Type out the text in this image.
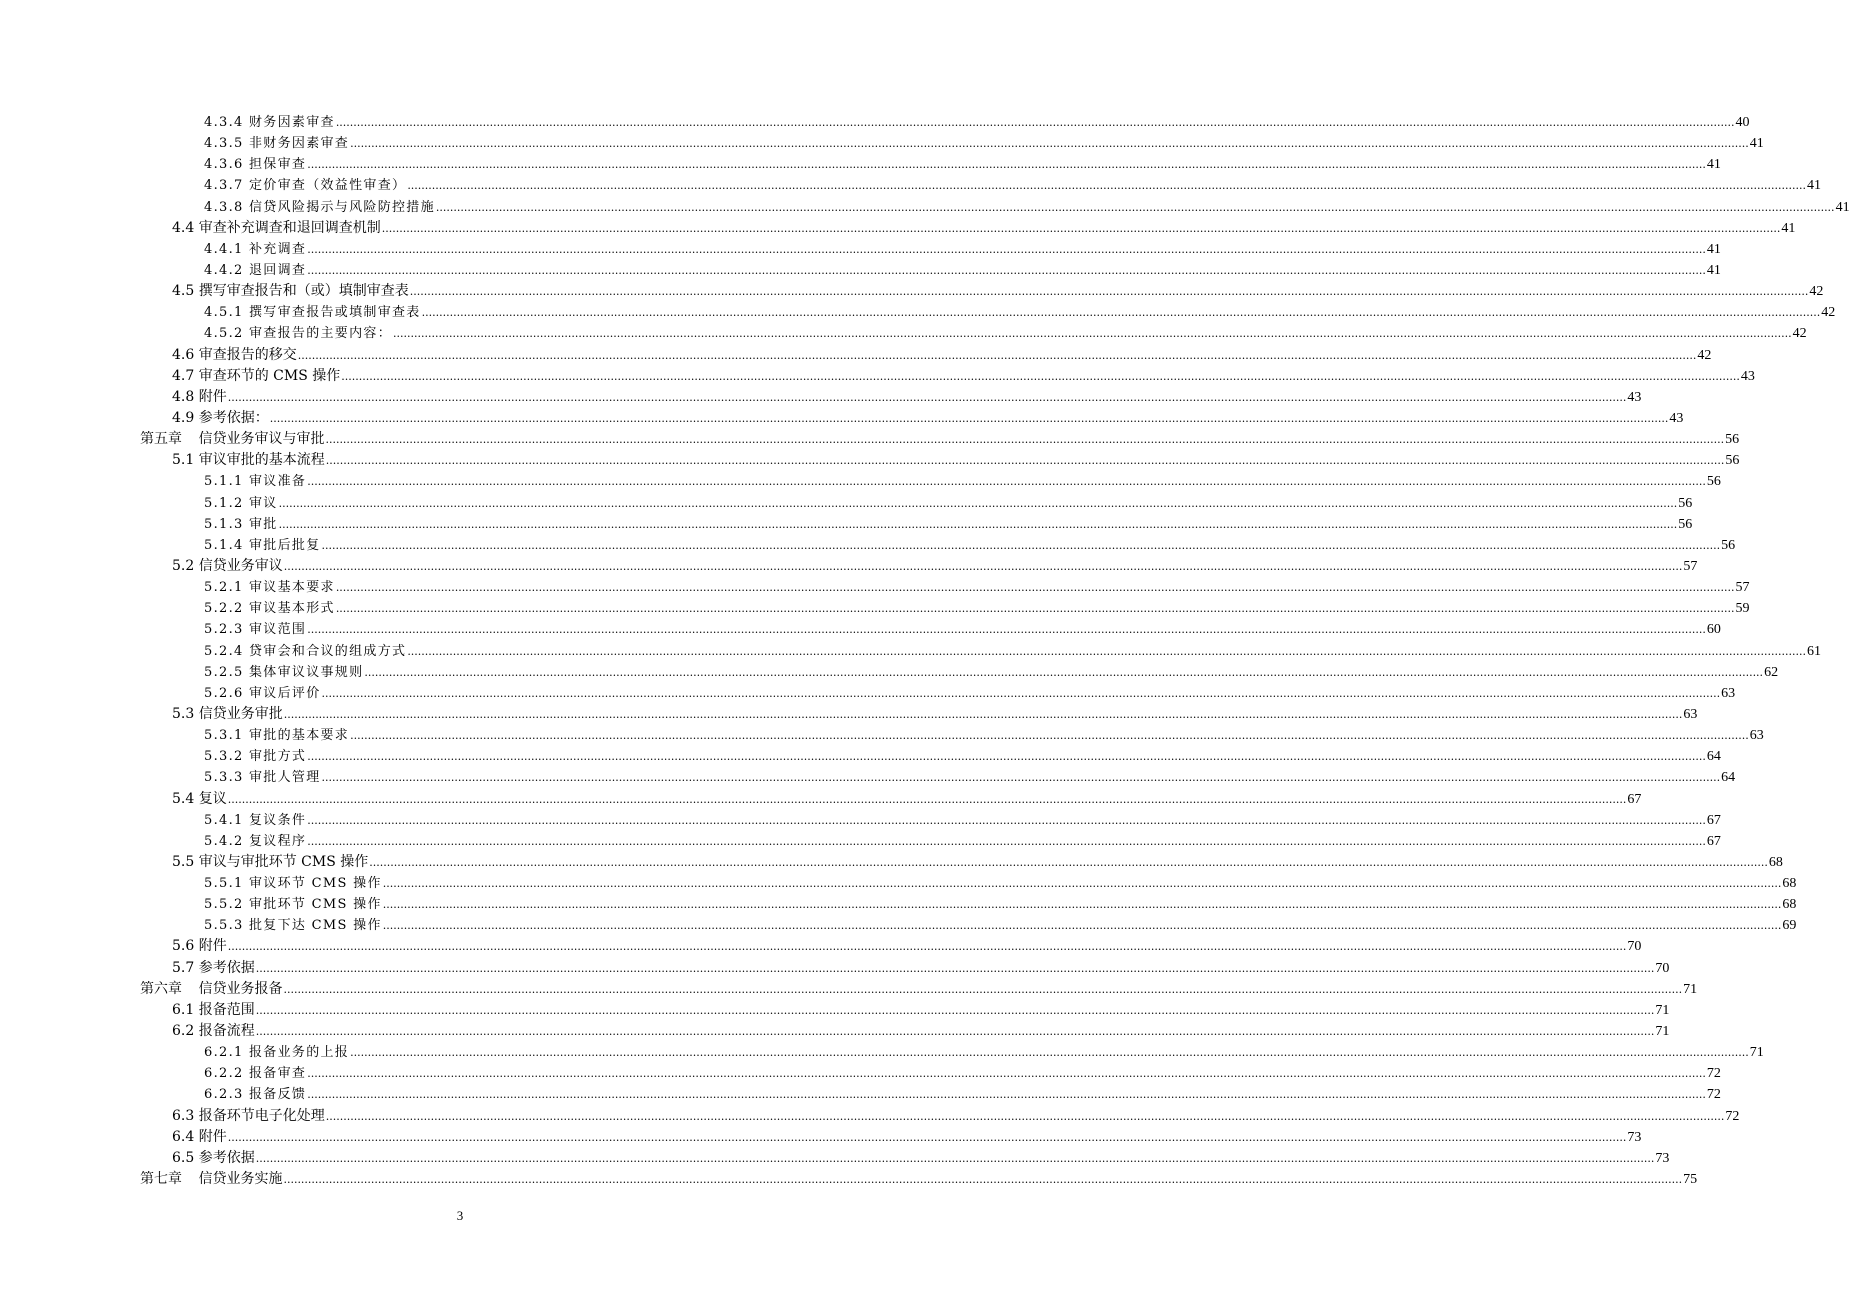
4.3.4 财务因素审查 ................................................................................................................................................................................................................................................................................................................................................................................................................ 40
4.3.5 非财务因素审查 ................................................................................................................................................................................................................................................................................................................................................................................................................ 41
4.3.6 担保审查 ................................................................................................................................................................................................................................................................................................................................................................................................................ 41
4.3.7 定价审查（效益性审查） ................................................................................................................................................................................................................................................................................................................................................................................................................ 41
4.3.8 信贷风险揭示与风险防控措施 ................................................................................................................................................................................................................................................................................................................................................................................................................ 41
4.4 审查补充调查和退回调查机制 ................................................................................................................................................................................................................................................................................................................................................................................................................ 41
4.4.1 补充调查 ................................................................................................................................................................................................................................................................................................................................................................................................................ 41
4.4.2 退回调查 ................................................................................................................................................................................................................................................................................................................................................................................................................ 41
4.5 撰写审查报告和（或）填制审查表 ................................................................................................................................................................................................................................................................................................................................................................................................................ 42
4.5.1 撰写审查报告或填制审查表 ................................................................................................................................................................................................................................................................................................................................................................................................................ 42
4.5.2 审查报告的主要内容： ................................................................................................................................................................................................................................................................................................................................................................................................................ 42
4.6 审查报告的移交 ................................................................................................................................................................................................................................................................................................................................................................................................................ 42
4.7 审查环节的 CMS 操作 ................................................................................................................................................................................................................................................................................................................................................................................................................ 43
4.8 附件 ................................................................................................................................................................................................................................................................................................................................................................................................................ 43
4.9 参考依据： ................................................................................................................................................................................................................................................................................................................................................................................................................ 43
第五章 信贷业务审议与审批 ................................................................................................................................................................................................................................................................................................................................................................................................................ 56
5.1 审议审批的基本流程 ................................................................................................................................................................................................................................................................................................................................................................................................................ 56
5.1.1 审议准备 ................................................................................................................................................................................................................................................................................................................................................................................................................ 56
5.1.2 审议 ................................................................................................................................................................................................................................................................................................................................................................................................................ 56
5.1.3 审批 ................................................................................................................................................................................................................................................................................................................................................................................................................ 56
5.1.4 审批后批复 ................................................................................................................................................................................................................................................................................................................................................................................................................ 56
5.2 信贷业务审议 ................................................................................................................................................................................................................................................................................................................................................................................................................ 57
5.2.1 审议基本要求 ................................................................................................................................................................................................................................................................................................................................................................................................................ 57
5.2.2 审议基本形式 ................................................................................................................................................................................................................................................................................................................................................................................................................ 59
5.2.3 审议范围 ................................................................................................................................................................................................................................................................................................................................................................................................................ 60
5.2.4 贷审会和合议的组成方式 ................................................................................................................................................................................................................................................................................................................................................................................................................ 61
5.2.5 集体审议议事规则 ................................................................................................................................................................................................................................................................................................................................................................................................................ 62
5.2.6 审议后评价 ................................................................................................................................................................................................................................................................................................................................................................................................................ 63
5.3 信贷业务审批 ................................................................................................................................................................................................................................................................................................................................................................................................................ 63
5.3.1 审批的基本要求 ................................................................................................................................................................................................................................................................................................................................................................................................................ 63
5.3.2 审批方式 ................................................................................................................................................................................................................................................................................................................................................................................................................ 64
5.3.3 审批人管理 ................................................................................................................................................................................................................................................................................................................................................................................................................ 64
5.4 复议 ................................................................................................................................................................................................................................................................................................................................................................................................................ 67
5.4.1 复议条件 ................................................................................................................................................................................................................................................................................................................................................................................................................ 67
5.4.2 复议程序 ................................................................................................................................................................................................................................................................................................................................................................................................................ 67
5.5 审议与审批环节 CMS 操作 ................................................................................................................................................................................................................................................................................................................................................................................................................ 68
5.5.1 审议环节 CMS 操作 ................................................................................................................................................................................................................................................................................................................................................................................................................ 68
5.5.2 审批环节 CMS 操作 ................................................................................................................................................................................................................................................................................................................................................................................................................ 68
5.5.3 批复下达 CMS 操作 ................................................................................................................................................................................................................................................................................................................................................................................................................ 69
5.6 附件 ................................................................................................................................................................................................................................................................................................................................................................................................................ 70
5.7 参考依据 ................................................................................................................................................................................................................................................................................................................................................................................................................ 70
第六章 信贷业务报备 ................................................................................................................................................................................................................................................................................................................................................................................................................ 71
6.1 报备范围 ................................................................................................................................................................................................................................................................................................................................................................................................................ 71
6.2 报备流程 ................................................................................................................................................................................................................................................................................................................................................................................................................ 71
6.2.1 报备业务的上报 ................................................................................................................................................................................................................................................................................................................................................................................................................ 71
6.2.2 报备审查 ................................................................................................................................................................................................................................................................................................................................................................................................................ 72
6.2.3 报备反馈 ................................................................................................................................................................................................................................................................................................................................................................................................................ 72
6.3 报备环节电子化处理 ................................................................................................................................................................................................................................................................................................................................................................................................................ 72
6.4 附件 ................................................................................................................................................................................................................................................................................................................................................................................................................ 73
6.5 参考依据 ................................................................................................................................................................................................................................................................................................................................................................................................................ 73
第七章 信贷业务实施 ................................................................................................................................................................................................................................................................................................................................................................................................................ 75
3
